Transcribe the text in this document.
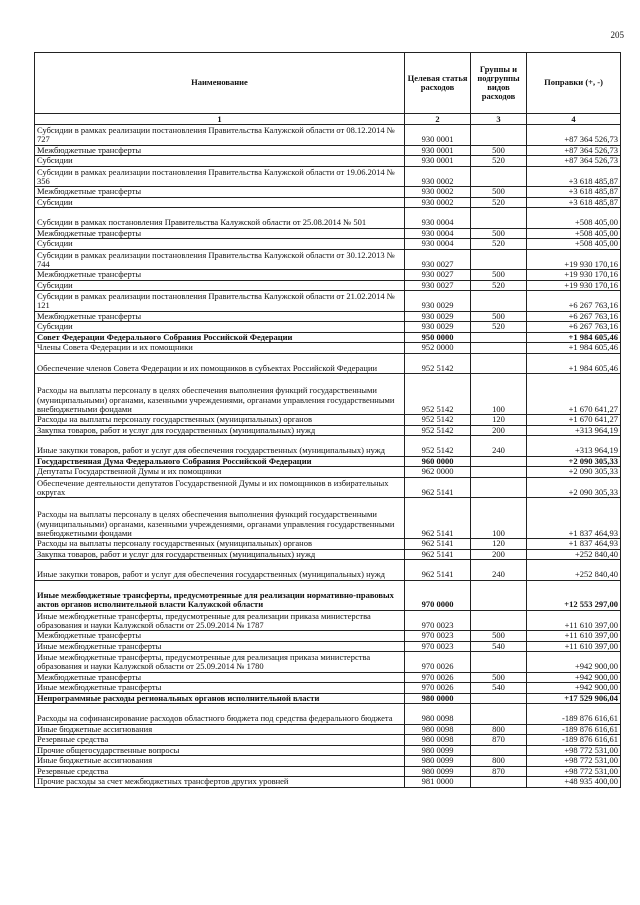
205
Наименование	Целевая статья расходов	Группы и подгруппы видов расходов	Поправки (+, -)
1	2	3	4
Субсидии в рамках реализации постановления Правительства Калужской области от 08.12.2014 № 727	930 0001		+87 364 526,73
Межбюджетные трансферты	930 0001	500	+87 364 526,73
Субсидии	930 0001	520	+87 364 526,73
Субсидии в рамках реализации постановления Правительства Калужской области от 19.06.2014 № 356	930 0002		+3 618 485,87
Межбюджетные трансферты	930 0002	500	+3 618 485,87
Субсидии	930 0002	520	+3 618 485,87
Субсидии в рамках постановления Правительства Калужской области от 25.08.2014 № 501	930 0004		+508 405,00
Межбюджетные трансферты	930 0004	500	+508 405,00
Субсидии	930 0004	520	+508 405,00
Субсидии в рамках реализации постановления Правительства Калужской области от 30.12.2013 № 744	930 0027		+19 930 170,16
Межбюджетные трансферты	930 0027	500	+19 930 170,16
Субсидии	930 0027	520	+19 930 170,16
Субсидии в рамках реализации постановления Правительства Калужской области от 21.02.2014 № 121	930 0029		+6 267 763,16
Межбюджетные трансферты	930 0029	500	+6 267 763,16
Субсидии	930 0029	520	+6 267 763,16
Совет Федерации Федерального Собрания Российской Федерации	950 0000		+1 984 605,46
Члены Совета Федерации и их помощники	952 0000		+1 984 605,46
Обеспечение членов Совета Федерации и их помощников в субъектах Российской Федерации	952 5142		+1 984 605,46
Расходы на выплаты персоналу в целях обеспечения выполнения функций государственными (муниципальными) органами, казенными учреждениями, органами управления государственными внебюджетными фондами	952 5142	100	+1 670 641,27
Расходы на выплаты персоналу государственных (муниципальных) органов	952 5142	120	+1 670 641,27
Закупка товаров, работ и услуг для государственных (муниципальных) нужд	952 5142	200	+313 964,19
Иные закупки товаров, работ и услуг для обеспечения государственных (муниципальных) нужд	952 5142	240	+313 964,19
Государственная Дума Федерального Собрания Российской Федерации	960 0000		+2 090 305,33
Депутаты Государственной Думы и их помощники	962 0000		+2 090 305,33
Обеспечение деятельности депутатов Государственной Думы и их помощников в избирательных округах	962 5141		+2 090 305,33
Расходы на выплаты персоналу в целях обеспечения выполнения функций государственными (муниципальными) органами, казенными учреждениями, органами управления государственными внебюджетными фондами	962 5141	100	+1 837 464,93
Расходы на выплаты персоналу государственных (муниципальных) органов	962 5141	120	+1 837 464,93
Закупка товаров, работ и услуг для государственных (муниципальных) нужд	962 5141	200	+252 840,40
Иные закупки товаров, работ и услуг для обеспечения государственных (муниципальных) нужд	962 5141	240	+252 840,40
Иные межбюджетные трансферты, предусмотренные для реализации нормативно-правовых актов органов исполнительной власти Калужской области	970 0000		+12 553 297,00
Иные межбюджетные трансферты, предусмотренные для реализации приказа министерства образования и науки Калужской области от 25.09.2014 № 1787	970 0023		+11 610 397,00
Межбюджетные трансферты	970 0023	500	+11 610 397,00
Иные межбюджетные трансферты	970 0023	540	+11 610 397,00
Иные межбюджетные трансферты, предусмотренные для реализация приказа министерства образования и науки Калужской области от 25.09.2014 № 1780	970 0026		+942 900,00
Межбюджетные трансферты	970 0026	500	+942 900,00
Иные межбюджетные трансферты	970 0026	540	+942 900,00
Непрограммные расходы региональных органов исполнительной власти	980 0000		+17 529 906,04
Расходы на софинансирование расходов областного бюджета под средства федерального бюджета	980 0098		-189 876 616,61
Иные бюджетные ассигнования	980 0098	800	-189 876 616,61
Резервные средства	980 0098	870	-189 876 616,61
Прочие общегосударственные вопросы	980 0099		+98 772 531,00
Иные бюджетные ассигнования	980 0099	800	+98 772 531,00
Резервные средства	980 0099	870	+98 772 531,00
Прочие расходы за счет межбюджетных трансфертов других уровней	981 0000		+48 935 400,00
